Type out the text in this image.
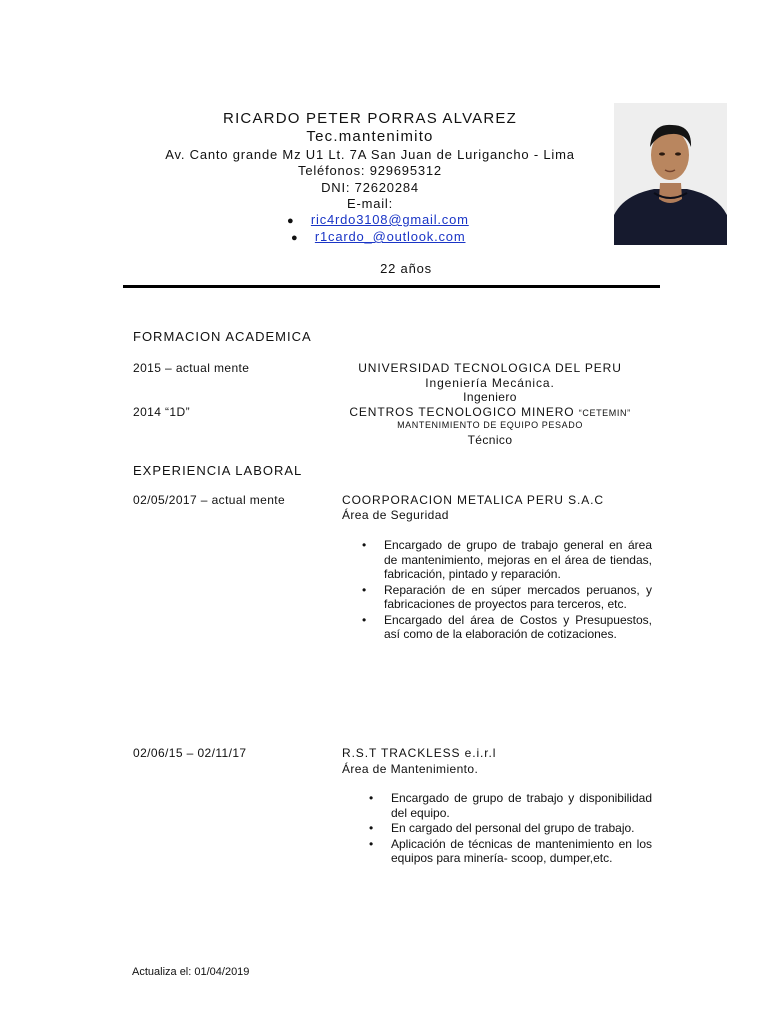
RICARDO PETER PORRAS ALVAREZ
Tec.mantenimito
Av. Canto grande Mz U1 Lt. 7A San Juan de Lurigancho - Lima
Teléfonos: 929695312
DNI: 72620284
E-mail:
● ric4rdo3108@gmail.com
● r1cardo_@outlook.com
22 años
FORMACION ACADEMICA
2015 – actual mente	UNIVERSIDAD TECNOLOGICA DEL PERU
Ingeniería Mecánica.
Ingeniero
2014 “1D”	CENTROS TECNOLOGICO MINERO “CETEMIN”
MANTENIMIENTO DE EQUIPO PESADO
Técnico
EXPERIENCIA LABORAL
02/05/2017 – actual mente	COORPORACION METALICA PERU S.A.C
Área de Seguridad
• Encargado de grupo de trabajo general en área de mantenimiento, mejoras en el área de tiendas, fabricación, pintado y reparación.
• Reparación de en súper mercados peruanos, y fabricaciones de proyectos para terceros, etc.
• Encargado del área de Costos y Presupuestos, así como de la elaboración de cotizaciones.
02/06/15 – 02/11/17	R.S.T TRACKLESS e.i.r.l
Área de Mantenimiento.
• Encargado de grupo de trabajo y disponibilidad del equipo.
• En cargado del personal del grupo de trabajo.
• Aplicación de técnicas de mantenimiento en los equipos para minería- scoop, dumper,etc.
Actualiza el: 01/04/2019
